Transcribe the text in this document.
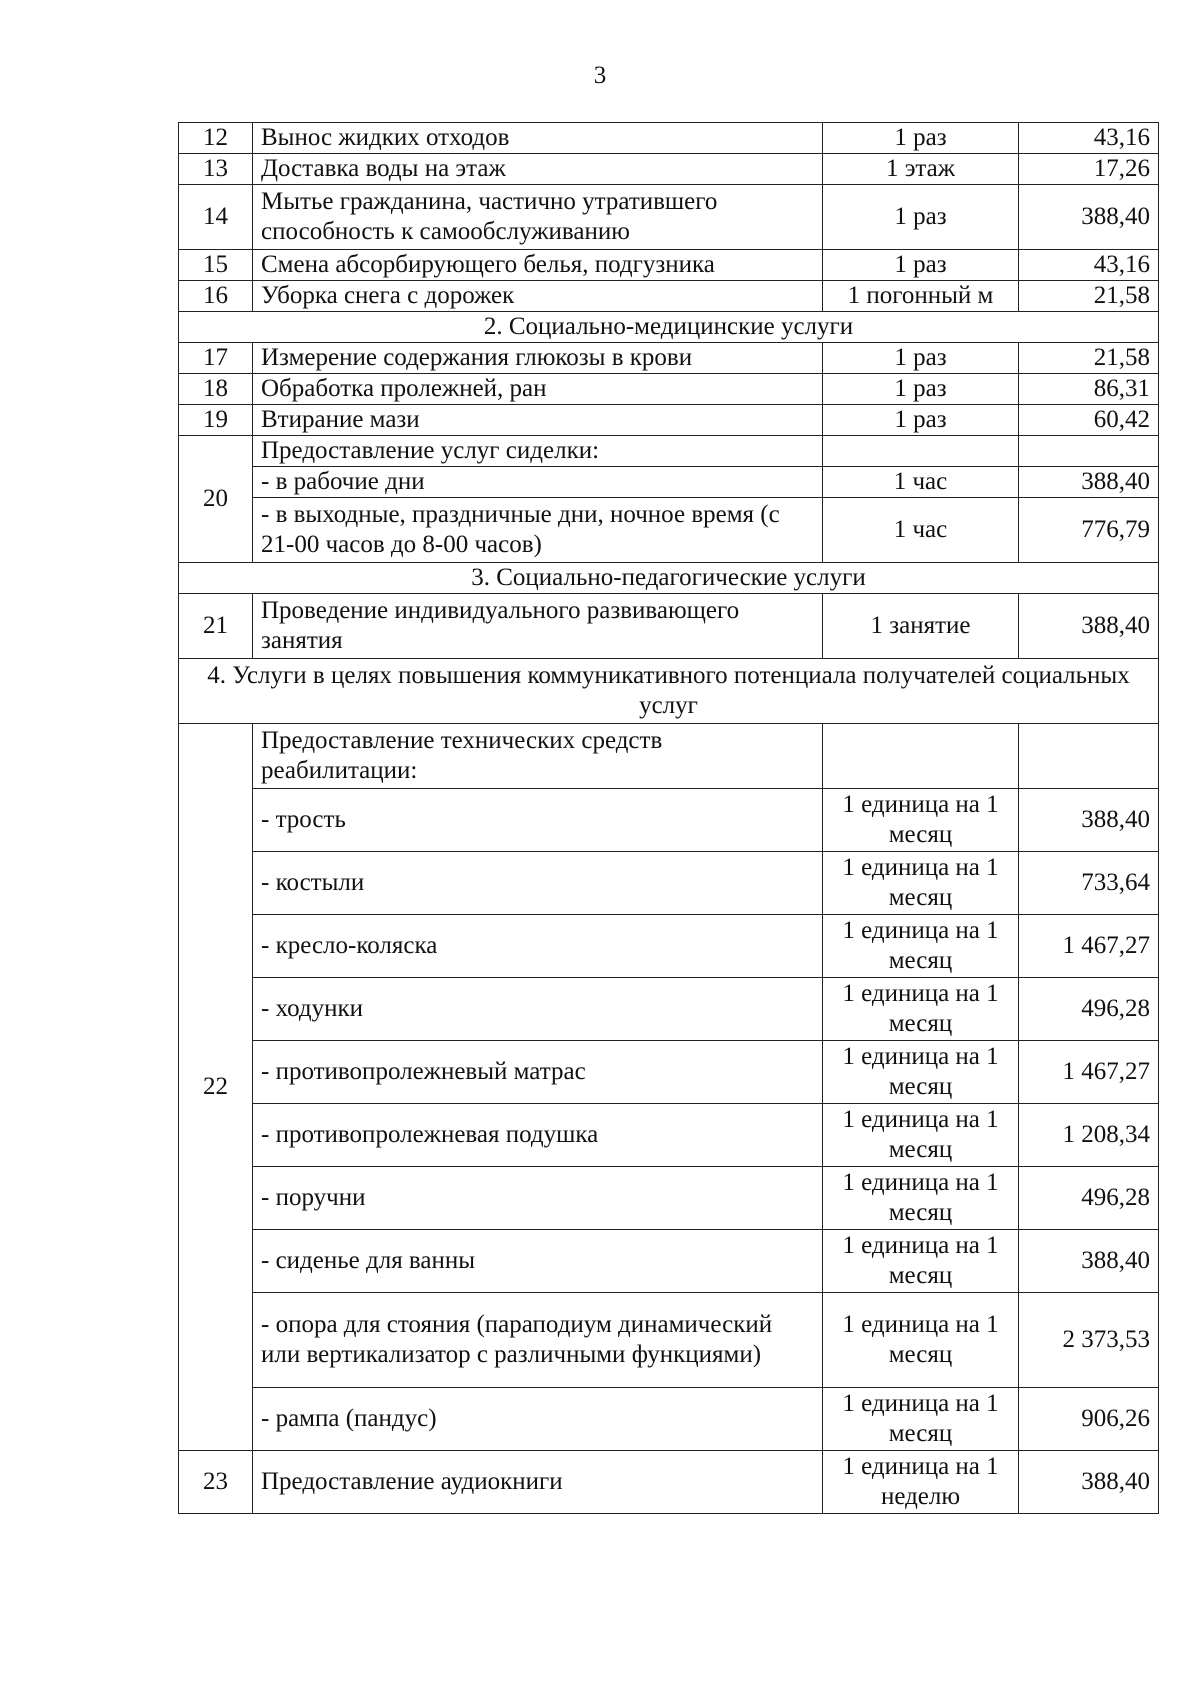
3
12	Вынос жидких отходов	1 раз	43,16
13	Доставка воды на этаж	1 этаж	17,26
14	Мытье гражданина, частично утратившего способность к самообслуживанию	1 раз	388,40
15	Смена абсорбирующего белья, подгузника	1 раз	43,16
16	Уборка снега с дорожек	1 погонный м	21,58
2. Социально-медицинские услуги			
17	Измерение содержания глюкозы в крови	1 раз	21,58
18	Обработка пролежней, ран	1 раз	86,31
19	Втирание мази	1 раз	60,42
20	Предоставление услуг сиделки:		
	- в рабочие дни	1 час	388,40
	- в выходные, праздничные дни, ночное время (с 21-00 часов до 8-00 часов)	1 час	776,79
3. Социально-педагогические услуги			
21	Проведение индивидуального развивающего занятия	1 занятие	388,40
4. Услуги в целях повышения коммуникативного потенциала получателей социальных услуг			
22	Предоставление технических средств реабилитации:		
	- трость	1 единица на 1 месяц	388,40
	- костыли	1 единица на 1 месяц	733,64
	- кресло-коляска	1 единица на 1 месяц	1 467,27
	- ходунки	1 единица на 1 месяц	496,28
	- противопролежневый матрас	1 единица на 1 месяц	1 467,27
	- противопролежневая подушка	1 единица на 1 месяц	1 208,34
	- поручни	1 единица на 1 месяц	496,28
	- сиденье для ванны	1 единица на 1 месяц	388,40
	- опора для стояния (параподиум динамический или вертикализатор с различными функциями)	1 единица на 1 месяц	2 373,53
	- рампа (пандус)	1 единица на 1 месяц	906,26
23	Предоставление аудиокниги	1 единица на 1 неделю	388,40
